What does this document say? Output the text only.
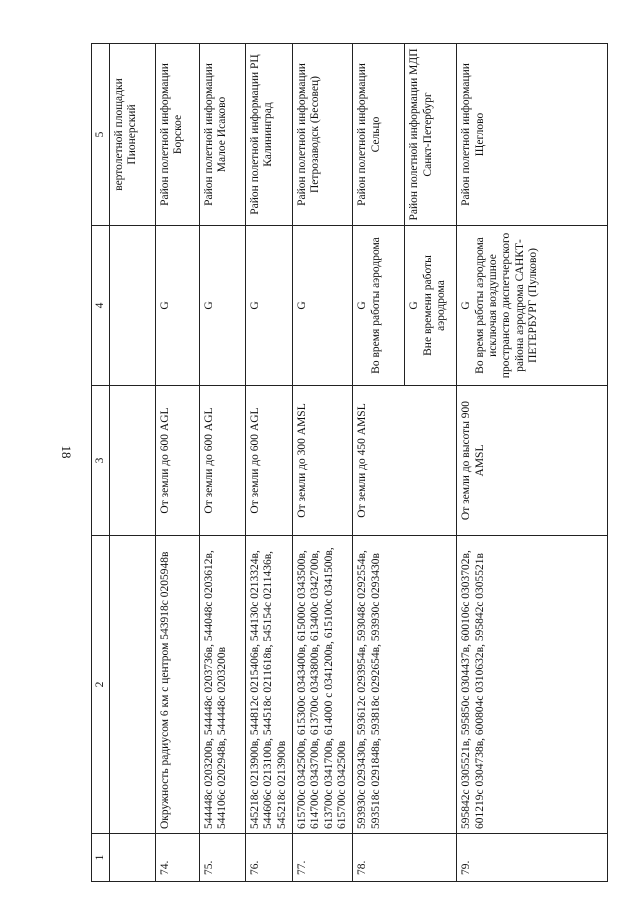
18
1	2	3	4	5
				вертолетной площадки Пионерский
74.	Окружность радиусом 6 км с центром 543918с 0205948в	От земли до 600 AGL	G	Район полетной информации Борское
75.	544448с 0203200в, 544448с 0203736в, 544048с 0203612в, 544106с 0202948в, 544448с 0203200в	От земли до 600 AGL	G	Район полетной информации Малое Исаково
76.	545218с 0213900в, 544812с 0215406в, 544130с 0213324в, 544606с 0213100в, 544518с 0211618в, 545154с 0211436в, 545218с 0213900в	От земли до 600 AGL	G	Район полетной информации РЦ Калининград
77.	615700с 0342500в, 615300с 0343400в, 615000с 0343500в, 614700с 0343700в, 613700с 0343800в, 613400с 0342700в, 613700с 0341700в, 614000 с 0341200в, 615100с 0341500в, 615700с 0342500в	От земли до 300 AMSL	G	Район полетной информации Петрозаводск (Бесовец)
78.	593930с 0293430в, 593612с 0293954в, 593048с 0292554в, 593518с 0291848в, 593818с 0292654в, 593930с 0293430в	От земли до 450 AMSL	G Во время работы аэродрома	Район полетной информации Сельцо

			G Вне времени работы аэродрома	Район полетной информации МДП Санкт-Петербург
79.	595842с 0305521в, 595850с 0304437в, 600106с 0303702в, 601219с 0304738в, 600804с 0310632в, 595842с 0305521в	От земли до высоты 900 AMSL	G Во время работы аэродрома исключая воздушное пространство диспетчерского района аэродрома САНКТ-ПЕТЕРБУРГ (Пулково)	Район полетной информации Щеглово
